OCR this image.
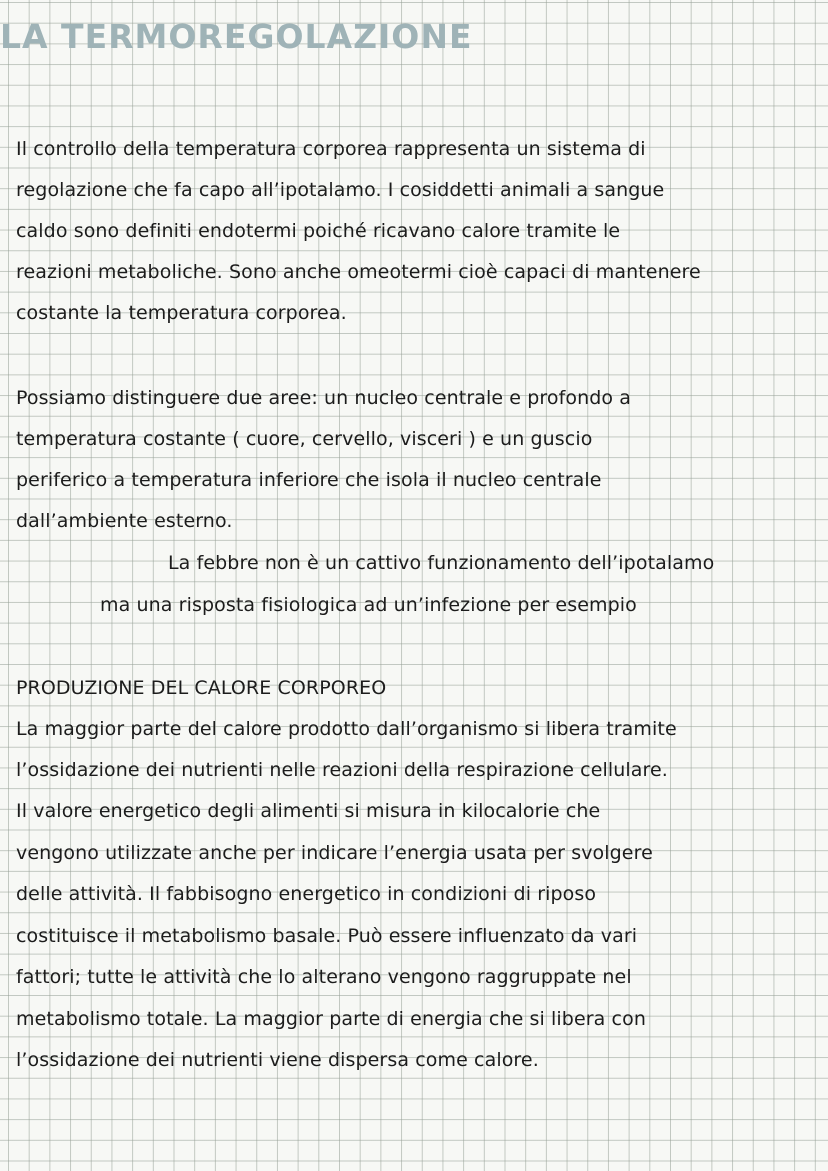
LA TERMOREGOLAZIONE

Il controllo della temperatura corporea rappresenta un sistema di

regolazione che fa capo all’ipotalamo. I cosiddetti animali a sangue

caldo sono definiti endotermi poiché ricavano calore tramite le

reazioni metaboliche. Sono anche omeotermi cioè capaci di mantenere

costante la temperatura corporea.

Possiamo distinguere due aree: un nucleo centrale e profondo a

temperatura costante ( cuore, cervello, visceri ) e un guscio

periferico a temperatura inferiore che isola il nucleo centrale

dall’ambiente esterno.

La febbre non è un cattivo funzionamento dell’ipotalamo

ma una risposta fisiologica ad un’infezione per esempio

PRODUZIONE DEL CALORE CORPOREO

La maggior parte del calore prodotto dall’organismo si libera tramite

l’ossidazione dei nutrienti nelle reazioni della respirazione cellulare.

Il valore energetico degli alimenti si misura in kilocalorie che

vengono utilizzate anche per indicare l’energia usata per svolgere

delle attività. Il fabbisogno energetico in condizioni di riposo

costituisce il metabolismo basale. Può essere influenzato da vari

fattori; tutte le attività che lo alterano vengono raggruppate nel

metabolismo totale. La maggior parte di energia che si libera con

l’ossidazione dei nutrienti viene dispersa come calore.
